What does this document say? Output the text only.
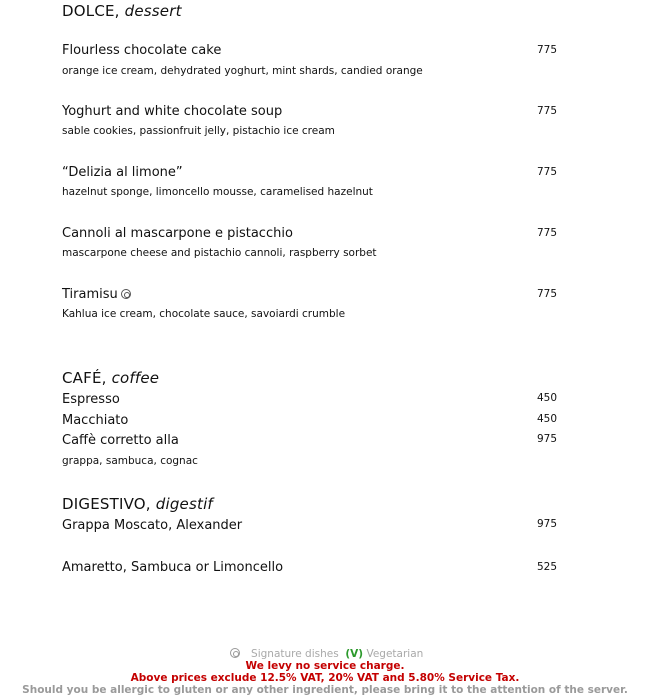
DOLCE, dessert
Flourless chocolate cake	775
orange ice cream, dehydrated yoghurt, mint shards, candied orange
Yoghurt and white chocolate soup	775
sable cookies, passionfruit jelly, pistachio ice cream
“Delizia al limone”	775
hazelnut sponge, limoncello mousse, caramelised hazelnut
Cannoli al mascarpone e pistacchio	775
mascarpone cheese and pistachio cannoli, raspberry sorbet
Tiramisu	775
Kahlua ice cream, chocolate sauce, savoiardi crumble
CAFÉ, coffee
Espresso	450
Macchiato	450
Caffè corretto alla	975
grappa, sambuca, cognac
DIGESTIVO, digestif
Grappa Moscato, Alexander	975
Amaretto, Sambuca or Limoncello	525
Signature dishes (V) Vegetarian
We levy no service charge.
Above prices exclude 12.5% VAT, 20% VAT and 5.80% Service Tax.
Should you be allergic to gluten or any other ingredient, please bring it to the attention of the server.
